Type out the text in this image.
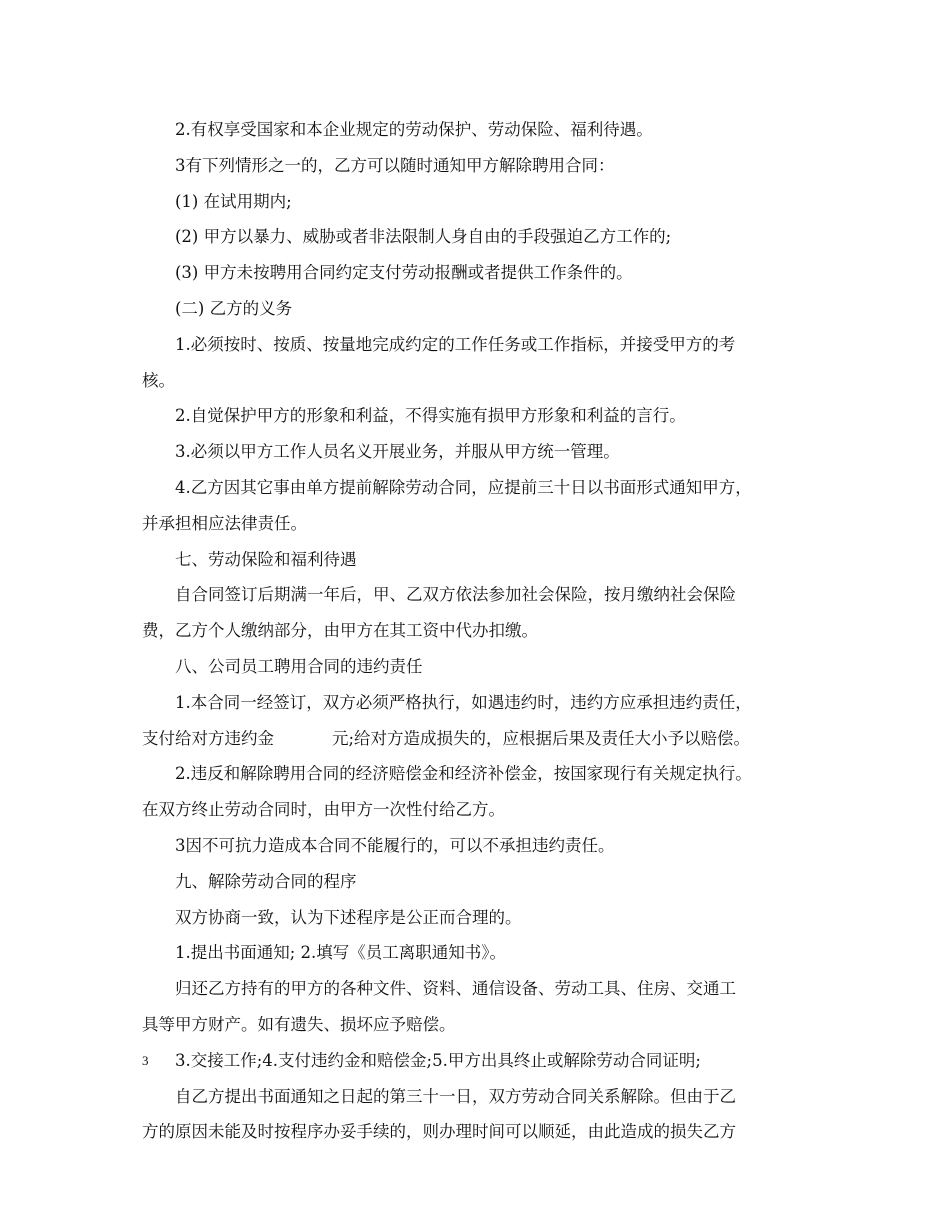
2.有权享受国家和本企业规定的劳动保护、劳动保险、福利待遇。

3有下列情形之一的，乙方可以随时通知甲方解除聘用合同：

(1) 在试用期内;

(2) 甲方以暴力、威胁或者非法限制人身自由的手段强迫乙方工作的;

(3) 甲方未按聘用合同约定支付劳动报酬或者提供工作条件的。

(二) 乙方的义务

1.必须按时、按质、按量地完成约定的工作任务或工作指标，并接受甲方的考

核。

2.自觉保护甲方的形象和利益，不得实施有损甲方形象和利益的言行。

3.必须以甲方工作人员名义开展业务，并服从甲方统一管理。

4.乙方因其它事由单方提前解除劳动合同，应提前三十日以书面形式通知甲方，

并承担相应法律责任。

七、劳动保险和福利待遇

自合同签订后期满一年后，甲、乙双方依法参加社会保险，按月缴纳社会保险

费，乙方个人缴纳部分，由甲方在其工资中代办扣缴。

八、公司员工聘用合同的违约责任

1.本合同一经签订，双方必须严格执行，如遇违约时，违约方应承担违约责任，

支付给对方违约金	元;给对方造成损失的，应根据后果及责任大小予以赔偿。

2.违反和解除聘用合同的经济赔偿金和经济补偿金，按国家现行有关规定执行。

在双方终止劳动合同时，由甲方一次性付给乙方。

3因不可抗力造成本合同不能履行的，可以不承担违约责任。

九、解除劳动合同的程序

双方协商一致，认为下述程序是公正而合理的。

1.提出书面通知; 2.填写《员工离职通知书》。

归还乙方持有的甲方的各种文件、资料、通信设备、劳动工具、住房、交通工

具等甲方财产。如有遗失、损坏应予赔偿。

3.交接工作;4.支付违约金和赔偿金;5.甲方出具终止或解除劳动合同证明;

自乙方提出书面通知之日起的第三十一日，双方劳动合同关系解除。但由于乙

方的原因未能及时按程序办妥手续的，则办理时间可以顺延，由此造成的损失乙方

3
